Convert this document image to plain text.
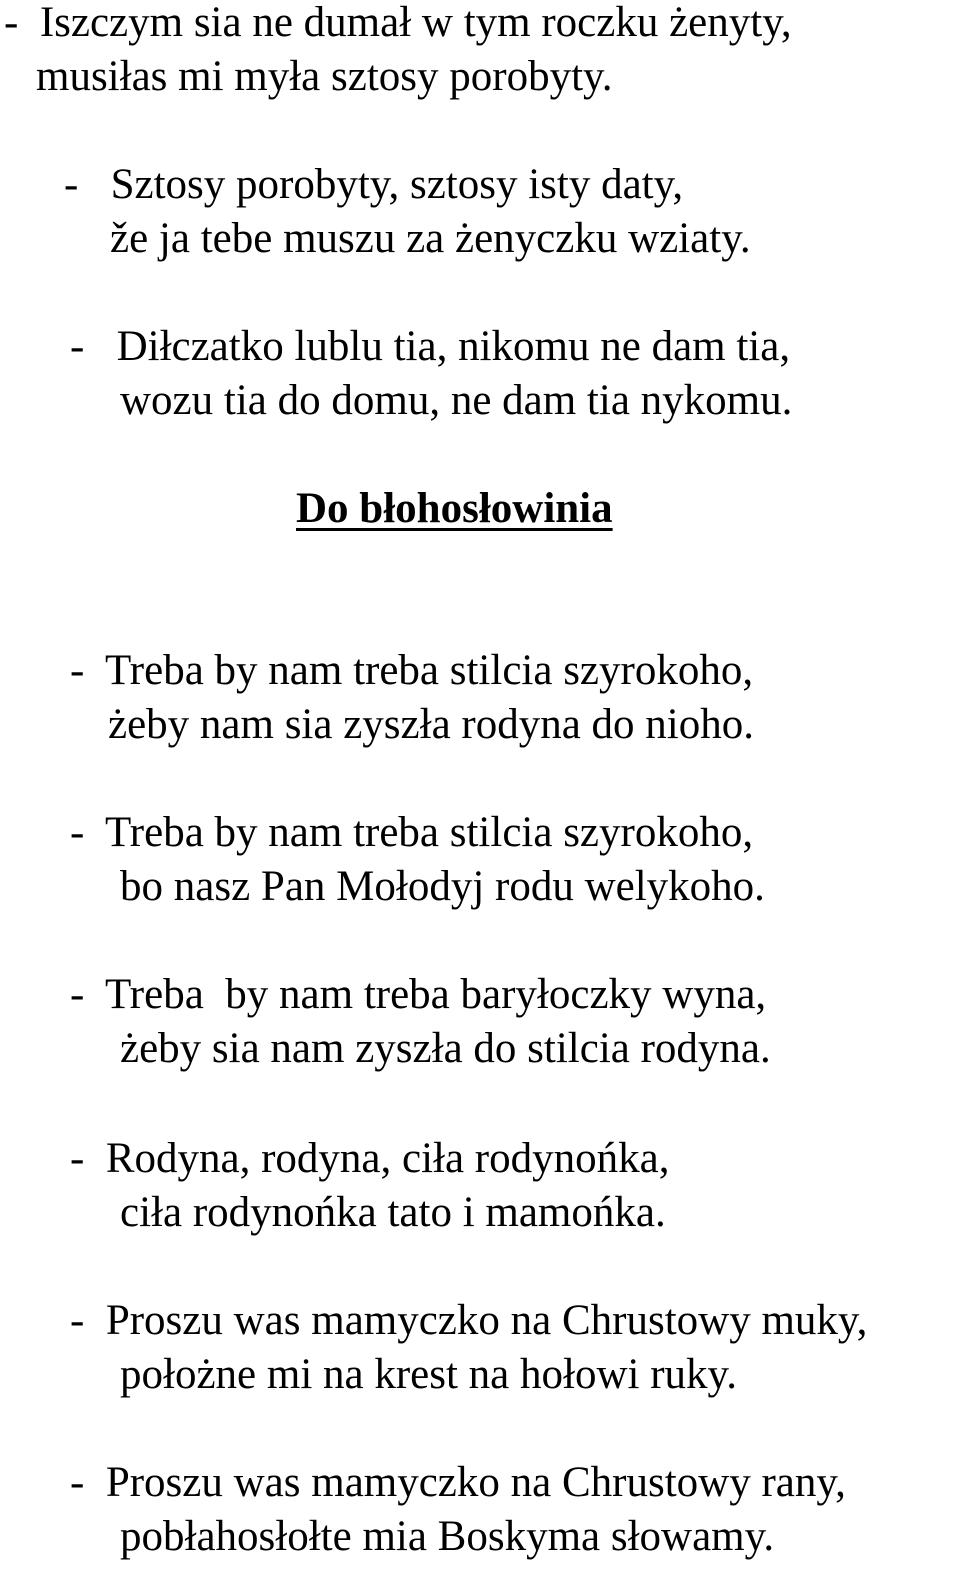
-  Iszczym sia ne dumał w tym roczku żenyty,
musiłas mi myła sztosy porobyty.
-   Sztosy porobyty, sztosy isty daty,
že ja tebe muszu za żenyczku wziaty.
-   Diłczatko lublu tia, nikomu ne dam tia,
wozu tia do domu, ne dam tia nykomu.
Do błohosłowinia
-  Treba by nam treba stilcia szyrokoho,
żeby nam sia zyszła rodyna do nioho.
-  Treba by nam treba stilcia szyrokoho,
bo nasz Pan Mołodyj rodu welykoho.
-  Treba  by nam treba baryłoczky wyna,
żeby sia nam zyszła do stilcia rodyna.
-  Rodyna, rodyna, ciła rodynońka,
ciła rodynońka tato i mamońka.
-  Proszu was mamyczko na Chrustowy muky,
położne mi na krest na hołowi ruky.
-  Proszu was mamyczko na Chrustowy rany,
pobłahosłołte mia Boskyma słowamy.
